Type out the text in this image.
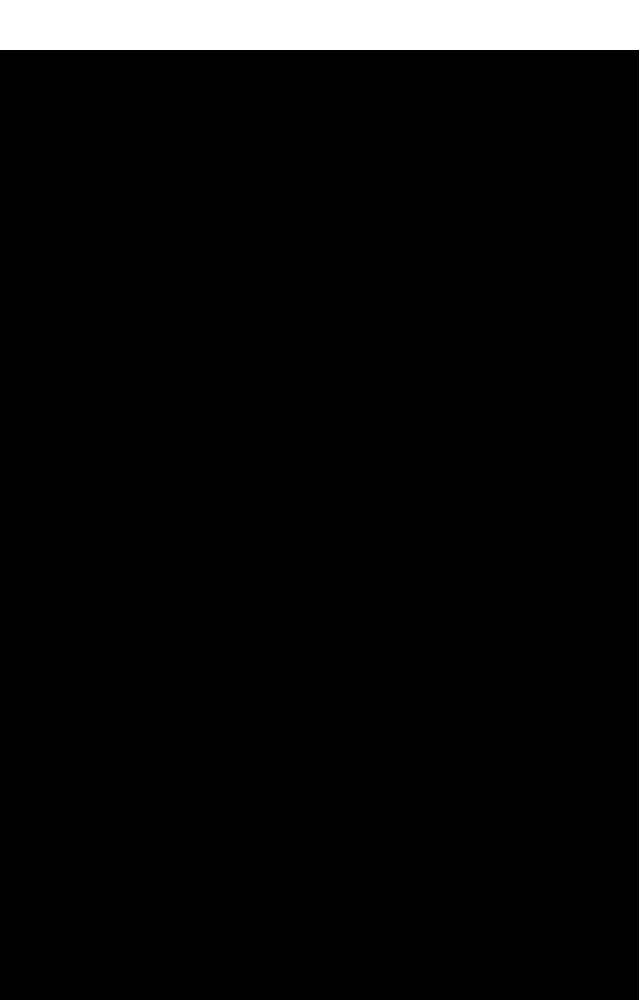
Маркіян Шашкевич
СЛОВО ДО ЧТИТЕЛЕЙ РУСЬКОГО ЯЗИКА$^1$
Дайте руки, юні други,
Серце к серцю най приляже,
Най щезають тяжкі туги,
Ум охота най засяде.
Разом, разом, хто сил має,
Гоніть з Русі мраки темні;
Зависть най вас не спиняє, —
Разом к світлу, други зявні!
(1833)
* * *
Руська мати нас родила,
Руська мати нас повила,
Руська мати нас любила:
Чому ж мова ей немила?
Чом ся нев встидати маєм?
Чом чужеє полюбляєм?..
ПОБРАТИМОВІ,
ПОСИЛАЮЧИ ЄМУ ПІСНІ УКРАЇНСЬКІ
Дума
Отак, Николаю, українські вірлята
І веселять душу, й серце загрівають;
$^1$ Русь, руський в давні часи вживалося по відношенню до придніпрянських земель і населення, що
жило навколо Києва. До північних слов'янських земель цей термін стали вживати в XIV-XVI ст.
На Західній Україні русинами, руськими населення називало себе до недавнього часу.
